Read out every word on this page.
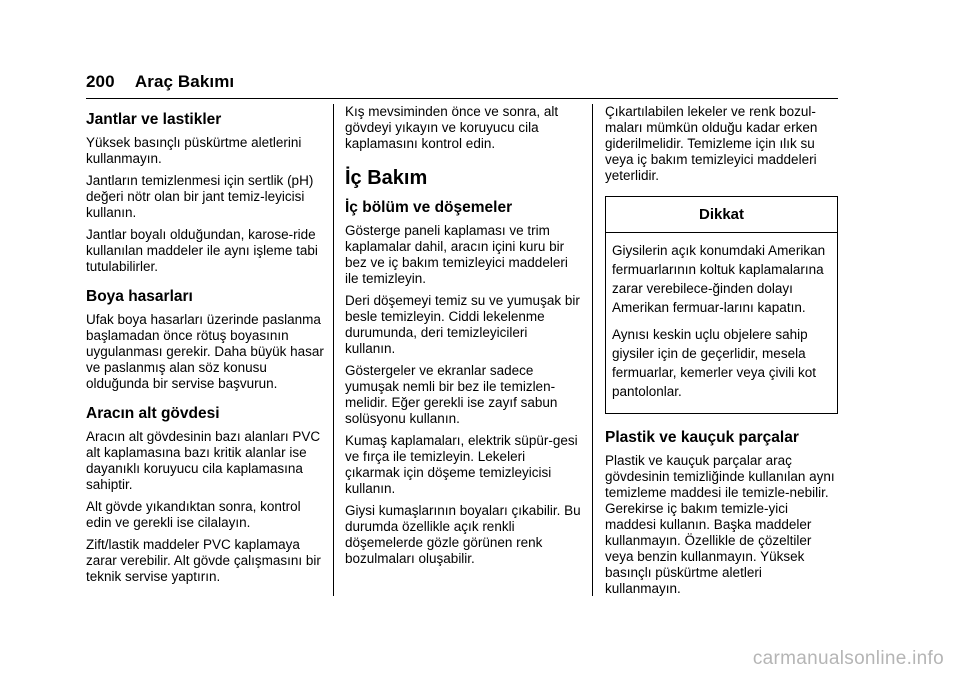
200 Araç Bakımı
Jantlar ve lastikler

Yüksek basınçlı püskürtme aletlerini kullanmayın.

Jantların temizlenmesi için sertlik (pH) değeri nötr olan bir jant temiz-leyicisi kullanın.

Jantlar boyalı olduğundan, karose-ride kullanılan maddeler ile aynı işleme tabi tutulabilirler.

Boya hasarları

Ufak boya hasarları üzerinde paslanma başlamadan önce rötuş boyasının uygulanması gerekir. Daha büyük hasar ve paslanmış alan söz konusu olduğunda bir servise başvurun.

Aracın alt gövdesi

Aracın alt gövdesinin bazı alanları PVC alt kaplamasına bazı kritik alanlar ise dayanıklı koruyucu cila kaplamasına sahiptir.

Alt gövde yıkandıktan sonra, kontrol edin ve gerekli ise cilalayın.

Zift/lastik maddeler PVC kaplamaya zarar verebilir. Alt gövde çalışmasını bir teknik servise yaptırın.

Kış mevsiminden önce ve sonra, alt gövdeyi yıkayın ve koruyucu cila kaplamasını kontrol edin.

İç Bakım
İç bölüm ve döşemeler

Gösterge paneli kaplaması ve trim kaplamalar dahil, aracın içini kuru bir bez ve iç bakım temizleyici maddeleri ile temizleyin.

Deri döşemeyi temiz su ve yumuşak bir besle temizleyin. Ciddi lekelenme durumunda, deri temizleyicileri kullanın.

Göstergeler ve ekranlar sadece yumuşak nemli bir bez ile temizlen-melidir. Eğer gerekli ise zayıf sabun solüsyonu kullanın.

Kumaş kaplamaları, elektrik süpür-gesi ve fırça ile temizleyin. Lekeleri çıkarmak için döşeme temizleyicisi kullanın.

Giysi kumaşlarının boyaları çıkabilir. Bu durumda özellikle açık renkli döşemelerde gözle görünen renk bozulmaları oluşabilir.

Çıkartılabilen lekeler ve renk bozul-maları mümkün olduğu kadar erken giderilmelidir. Temizleme için ılık su veya iç bakım temizleyici maddeleri yeterlidir.

Dikkat

Giysilerin açık konumdaki Amerikan fermuarlarının koltuk kaplamalarına zarar verebilece-ğinden dolayı Amerikan fermuar-larını kapatın.

Aynısı keskin uçlu objelere sahip giysiler için de geçerlidir, mesela fermuarlar, kemerler veya çivili kot pantolonlar.

Plastik ve kauçuk parçalar

Plastik ve kauçuk parçalar araç gövdesinin temizliğinde kullanılan aynı temizleme maddesi ile temizle-nebilir. Gerekirse iç bakım temizle-yici maddesi kullanın. Başka maddeler kullanmayın. Özellikle de çözeltiler veya benzin kullanmayın. Yüksek basınçlı püskürtme aletleri kullanmayın.

carmanualsonline.info
